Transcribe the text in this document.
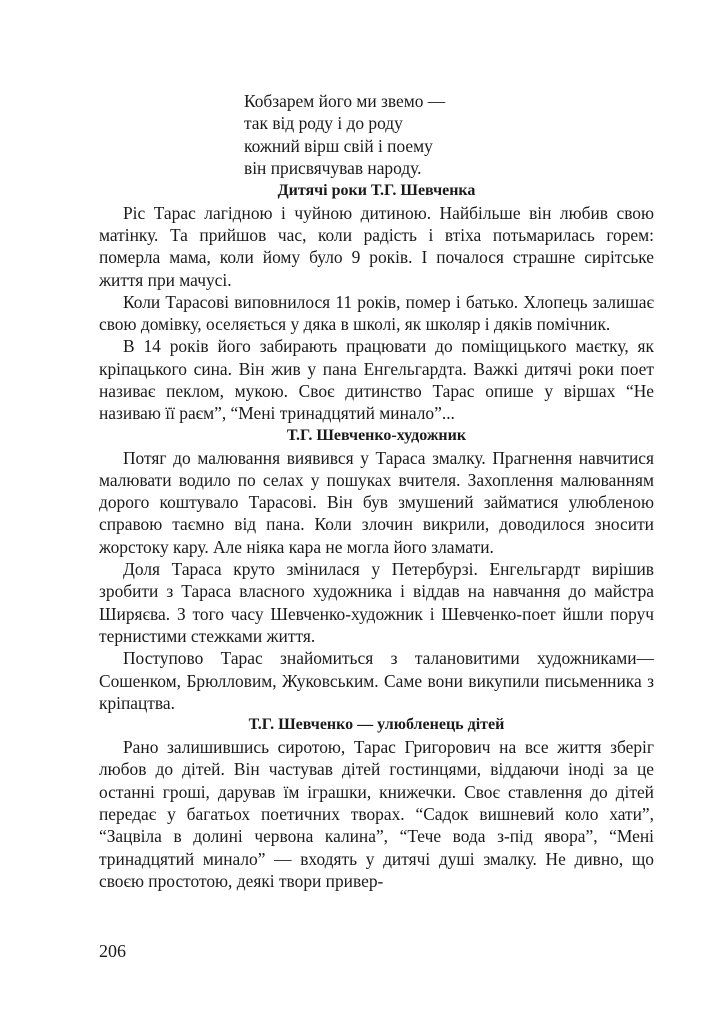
Кобзарем його ми звемо —
так від роду і до роду
кожний вірш свій і поему
він присвячував народу.
Дитячі роки Т.Г. Шевченка

Ріс Тарас лагідною і чуйною дитиною. Найбільше він любив свою матінку. Та прийшов час, коли радість і втіха потьмарилась горем: померла мама, коли йому було 9 років. І почалося страшне сирітське життя при мачусі.

Коли Тарасові виповнилося 11 років, помер і батько. Хлопець залишає свою домівку, оселяється у дяка в школі, як школяр і дяків помічник.

В 14 років його забирають працювати до поміщицького маєтку, як кріпацького сина. Він жив у пана Енгельгардта. Важкі дитячі роки поет називає пеклом, мукою. Своє дитинство Тарас опише у віршах “Не називаю її раєм”, “Мені тринадцятий минало”...

Т.Г. Шевченко-художник

Потяг до малювання виявився у Тараса змалку. Прагнення навчитися малювати водило по селах у пошуках вчителя. Захоплення малюванням дорого коштувало Тарасові. Він був змушений займатися улюбленою справою таємно від пана. Коли злочин викрили, доводилося зносити жорстоку кару. Але ніяка кара не могла його зламати.

Доля Тараса круто змінилася у Петербурзі. Енгельгардт вирішив зробити з Тараса власного художника і віддав на навчання до майстра Ширяєва. З того часу Шевченко-художник і Шевченко-поет йшли поруч тернистими стежками життя.

Поступово Тарас знайомиться з талановитими художниками— Сошенком, Брюлловим, Жуковським. Саме вони викупили письменника з кріпацтва.

Т.Г. Шевченко — улюбленець дітей

Рано залишившись сиротою, Тарас Григорович на все життя зберіг любов до дітей. Він частував дітей гостинцями, віддаючи іноді за це останні гроші, дарував їм іграшки, книжечки. Своє ставлення до дітей передає у багатьох поетичних творах. “Садок вишневий коло хати”, “Зацвіла в долині червона калина”, “Тече вода з-під явора”, “Мені тринадцятий минало” — входять у дитячі душі змалку. Не дивно, що своєю простотою, деякі твори привер-

206
